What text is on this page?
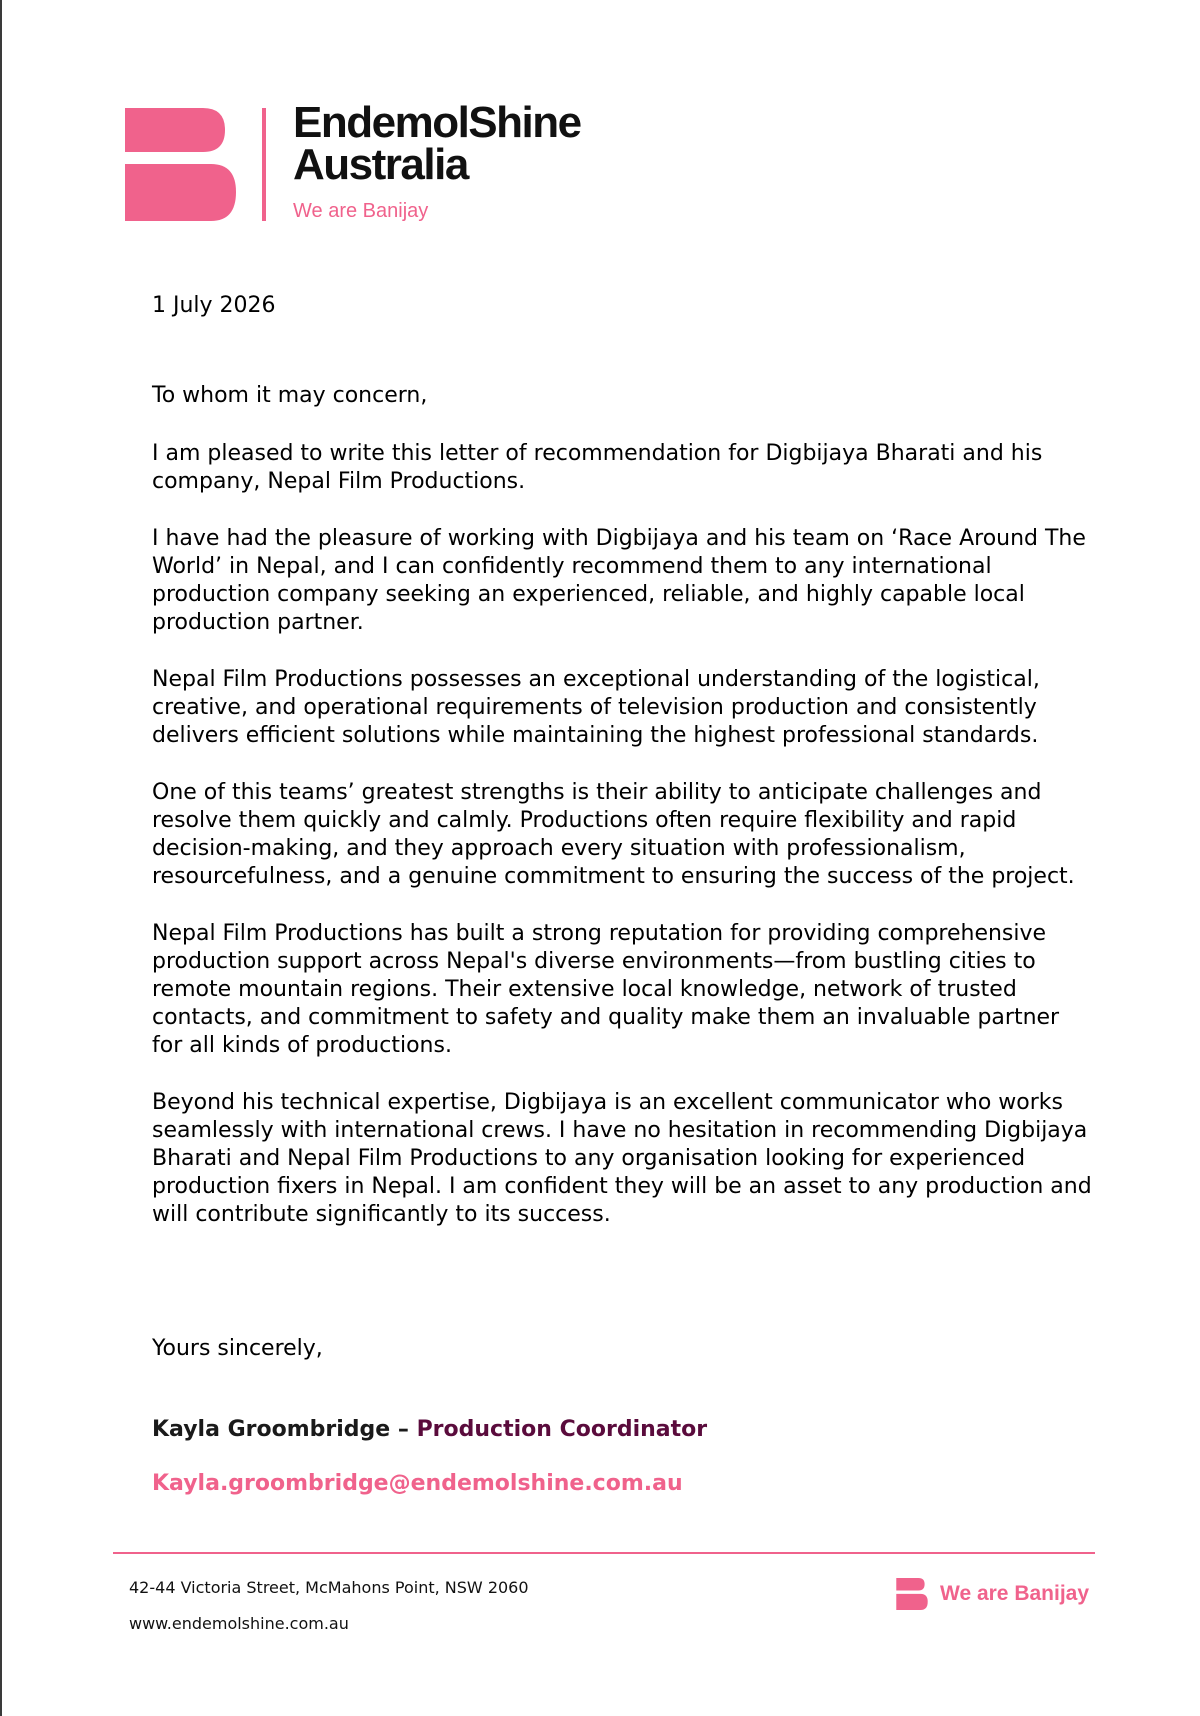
EndemolShine
Australia
We are Banijay

1 July 2026

To whom it may concern,

I am pleased to write this letter of recommendation for Digbijaya Bharati and his company, Nepal Film Productions.

I have had the pleasure of working with Digbijaya and his team on ‘Race Around The World’ in Nepal, and I can confidently recommend them to any international production company seeking an experienced, reliable, and highly capable local production partner.

Nepal Film Productions possesses an exceptional understanding of the logistical, creative, and operational requirements of television production and consistently delivers efficient solutions while maintaining the highest professional standards.

One of this teams’ greatest strengths is their ability to anticipate challenges and resolve them quickly and calmly. Productions often require flexibility and rapid decision-making, and they approach every situation with professionalism, resourcefulness, and a genuine commitment to ensuring the success of the project.

Nepal Film Productions has built a strong reputation for providing comprehensive production support across Nepal's diverse environments—from bustling cities to remote mountain regions. Their extensive local knowledge, network of trusted contacts, and commitment to safety and quality make them an invaluable partner for all kinds of productions.

Beyond his technical expertise, Digbijaya is an excellent communicator who works seamlessly with international crews. I have no hesitation in recommending Digbijaya Bharati and Nepal Film Productions to any organisation looking for experienced production fixers in Nepal. I am confident they will be an asset to any production and will contribute significantly to its success.

Yours sincerely,

Kayla Groombridge – Production Coordinator

Kayla.groombridge@endemolshine.com.au
42-44 Victoria Street, McMahons Point, NSW 2060
www.endemolshine.com.au
We are Banijay
